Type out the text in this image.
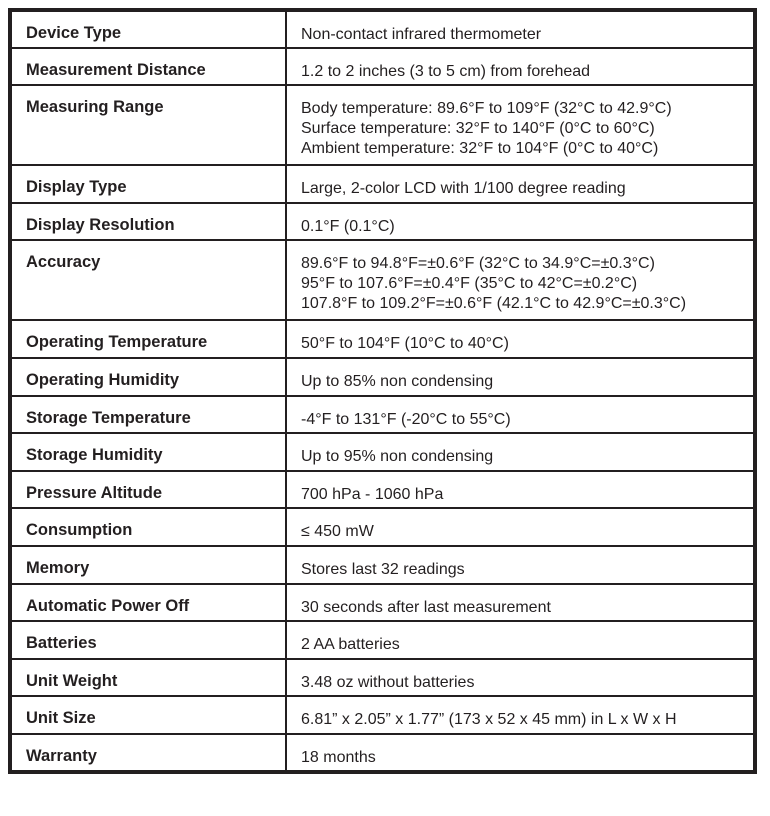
Device Type	Non-contact infrared thermometer

Measurement Distance	1.2 to 2 inches (3 to 5 cm) from forehead

Measuring Range	Body temperature: 89.6°F to 109°F (32°C to 42.9°C)
Surface temperature: 32°F to 140°F (0°C to 60°C)
Ambient temperature: 32°F to 104°F (0°C to 40°C)

Display Type	Large, 2-color LCD with 1/100 degree reading

Display Resolution	0.1°F (0.1°C)

Accuracy	89.6°F to 94.8°F=±0.6°F (32°C to 34.9°C=±0.3°C)
95°F to 107.6°F=±0.4°F (35°C to 42°C=±0.2°C)
107.8°F to 109.2°F=±0.6°F (42.1°C to 42.9°C=±0.3°C)

Operating Temperature	50°F to 104°F (10°C to 40°C)

Operating Humidity	Up to 85% non condensing

Storage Temperature	-4°F to 131°F (-20°C to 55°C)

Storage Humidity	Up to 95% non condensing

Pressure Altitude	700 hPa - 1060 hPa

Consumption	≤ 450 mW

Memory	Stores last 32 readings

Automatic Power Off	30 seconds after last measurement

Batteries	2 AA batteries

Unit Weight	3.48 oz without batteries

Unit Size	6.81” x 2.05” x 1.77” (173 x 52 x 45 mm) in L x W x H

Warranty	18 months
